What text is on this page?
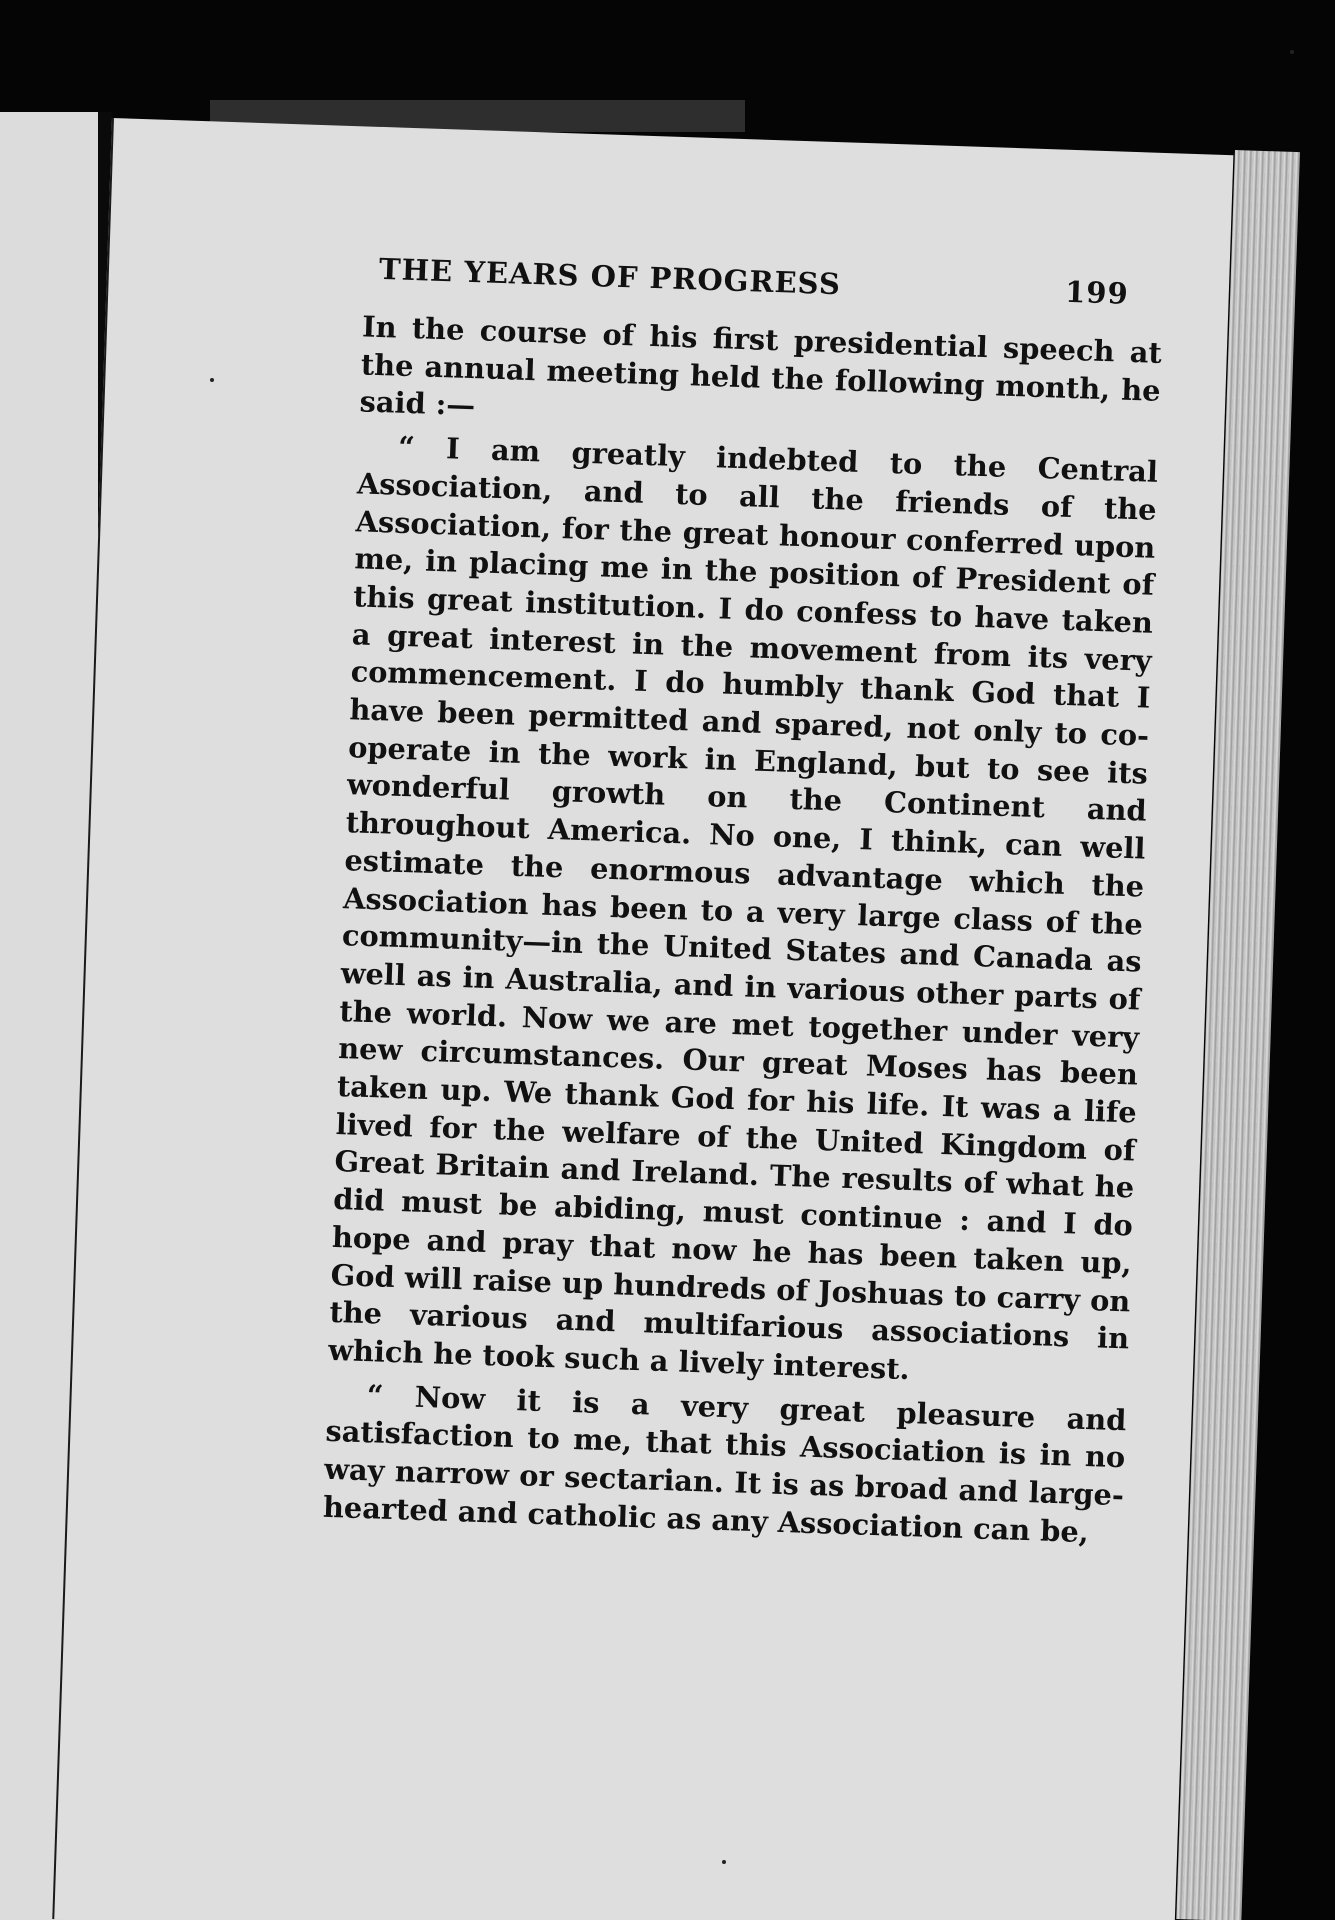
THE YEARS OF PROGRESS	199

In the course of his first presidential speech at the annual meeting held the following month, he said :—

“ I am greatly indebted to the Central Association, and to all the friends of the Association, for the great honour conferred upon me, in placing me in the position of President of this great institution. I do confess to have taken a great interest in the movement from its very commencement. I do humbly thank God that I have been permitted and spared, not only to co-operate in the work in England, but to see its wonderful growth on the Continent and throughout America. No one, I think, can well estimate the enormous advantage which the Association has been to a very large class of the community—in the United States and Canada as well as in Australia, and in various other parts of the world. Now we are met together under very new circumstances. Our great Moses has been taken up. We thank God for his life. It was a life lived for the welfare of the United Kingdom of Great Britain and Ireland. The results of what he did must be abiding, must continue : and I do hope and pray that now he has been taken up, God will raise up hundreds of Joshuas to carry on the various and multifarious associations in which he took such a lively interest.

“ Now it is a very great pleasure and satisfaction to me, that this Association is in no way narrow or sectarian. It is as broad and large-hearted and catholic as any Association can be,
